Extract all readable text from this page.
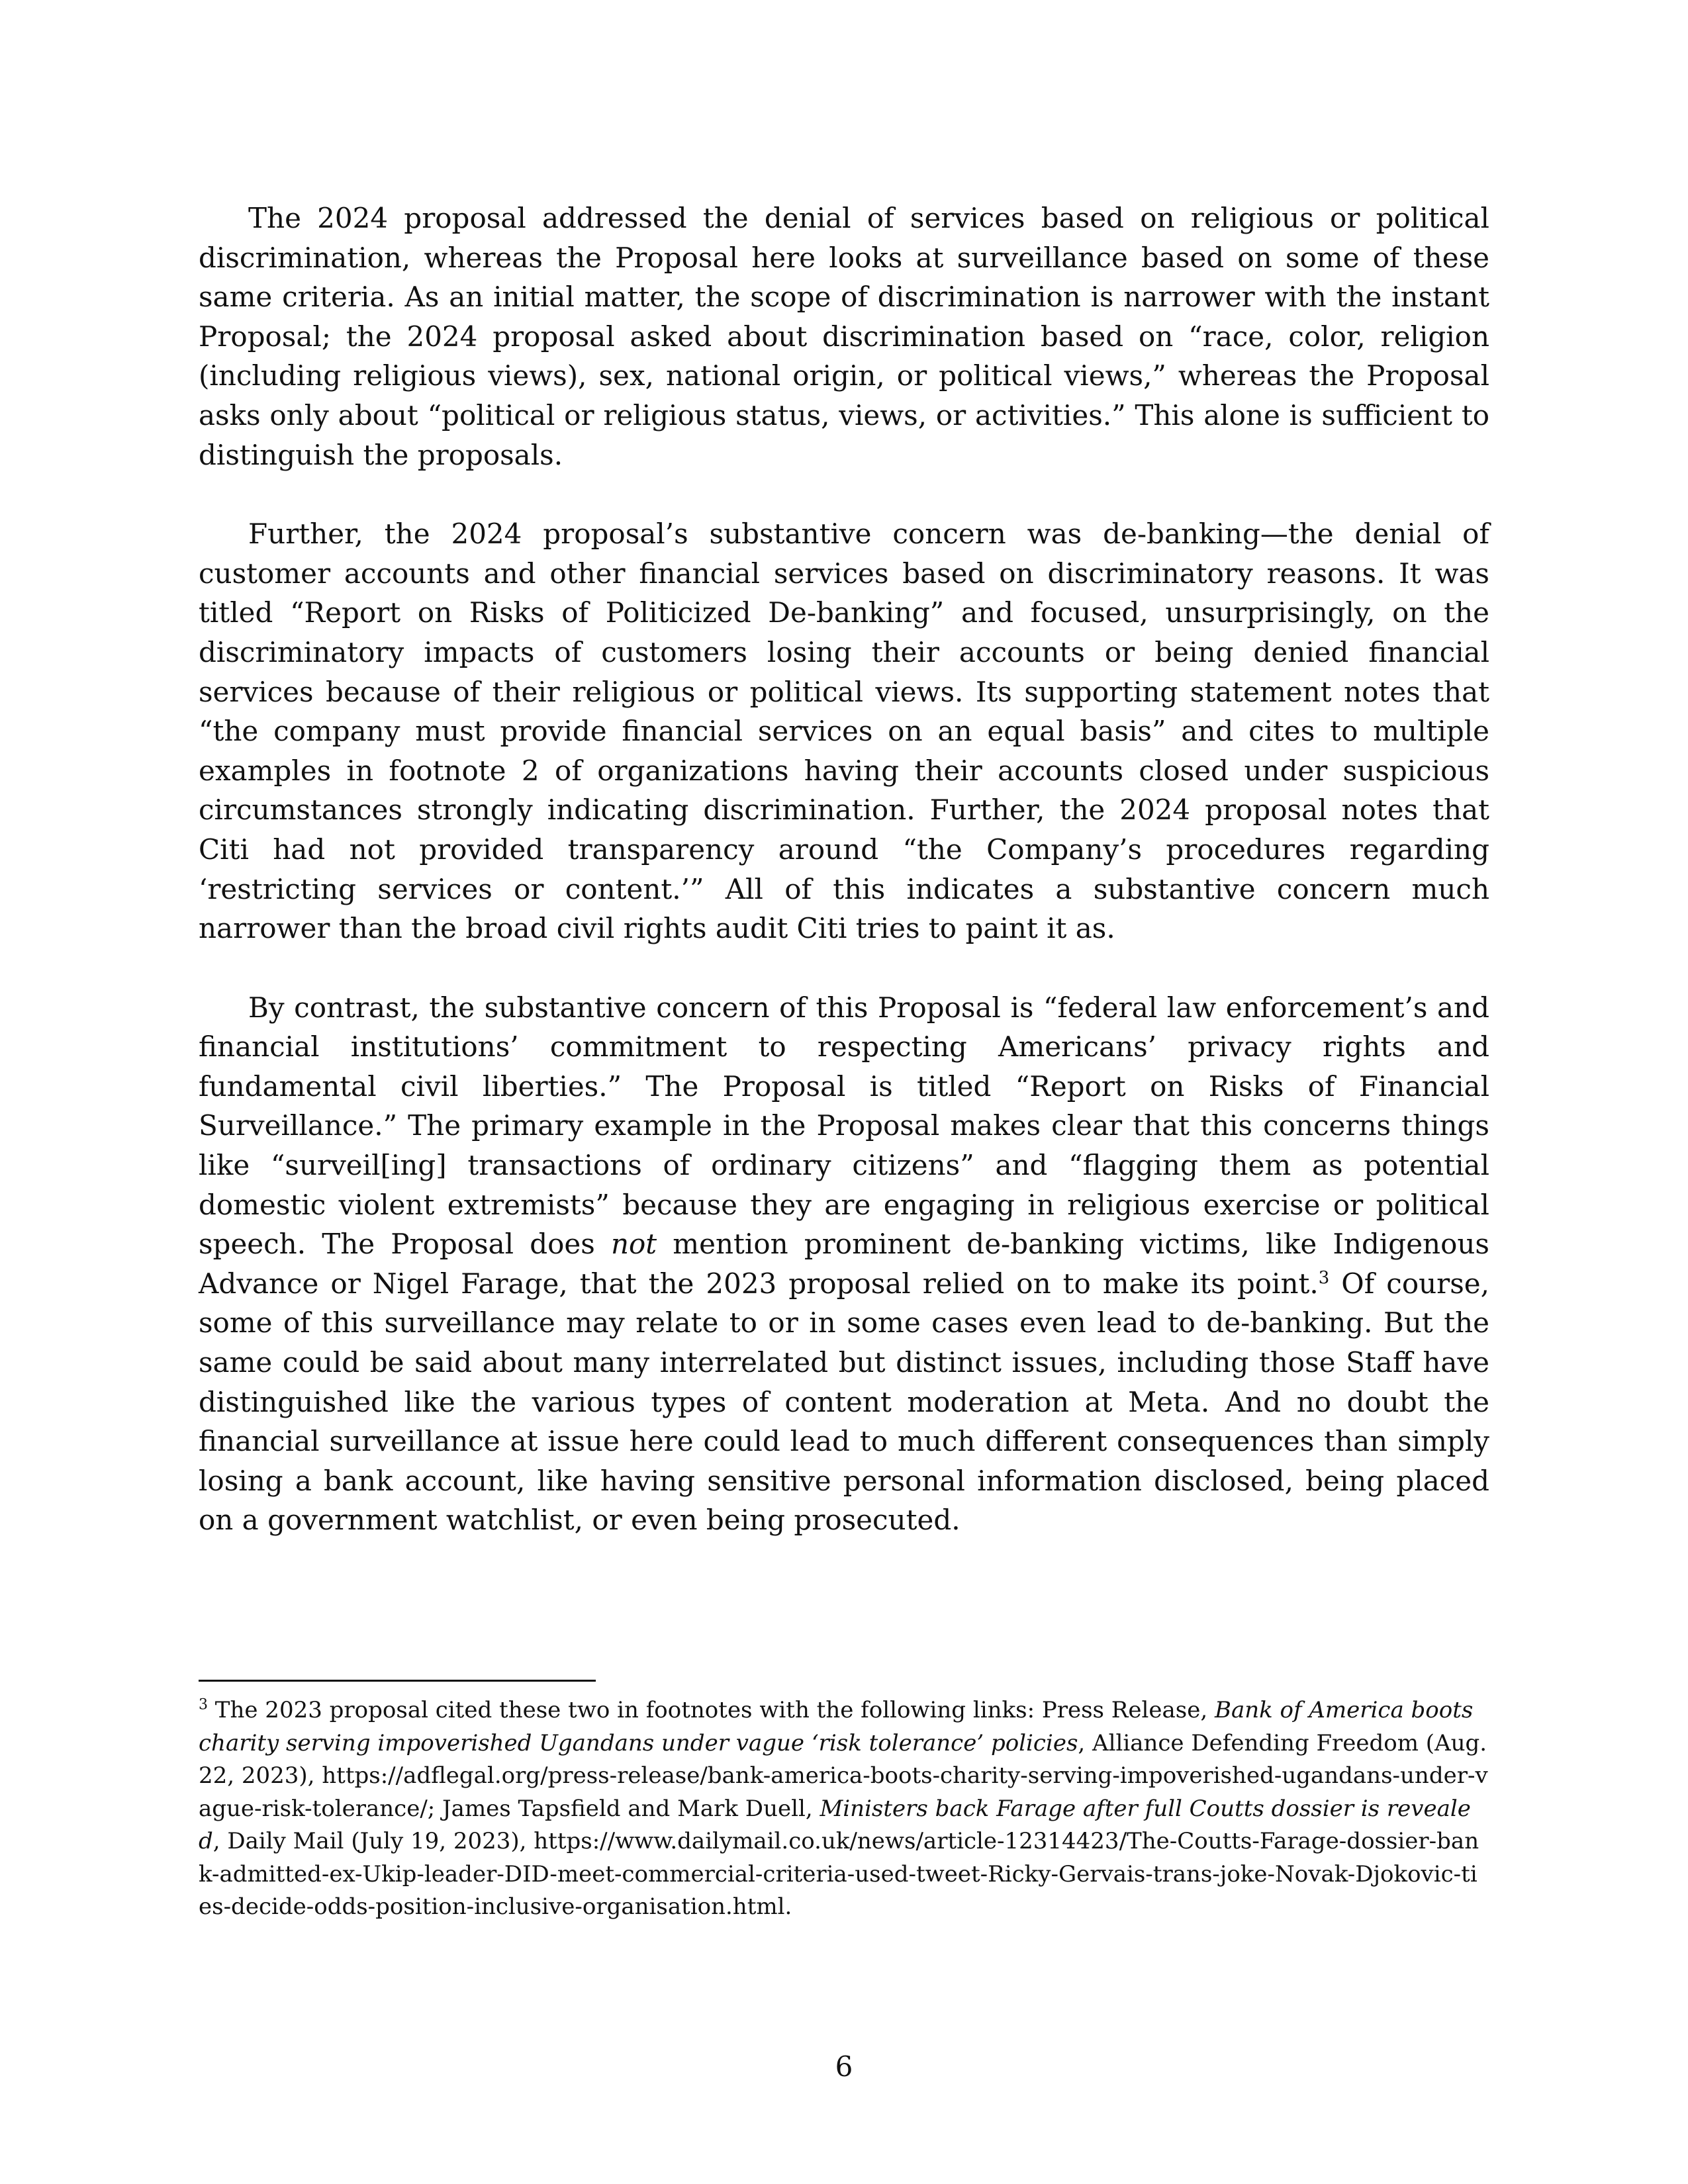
The 2024 proposal addressed the denial of services based on religious or political discrimination, whereas the Proposal here looks at surveillance based on some of these same criteria. As an initial matter, the scope of discrimination is narrower with the instant Proposal; the 2024 proposal asked about discrimination based on “race, color, religion (including religious views), sex, national origin, or political views,” whereas the Proposal asks only about “political or religious status, views, or activities.” This alone is sufficient to distinguish the proposals.

Further, the 2024 proposal’s substantive concern was de-banking—the denial of customer accounts and other financial services based on discriminatory reasons. It was titled “Report on Risks of Politicized De-banking” and focused, unsurprisingly, on the discriminatory impacts of customers losing their accounts or being denied financial services because of their religious or political views. Its supporting statement notes that “the company must provide financial services on an equal basis” and cites to multiple examples in footnote 2 of organizations having their accounts closed under suspicious circumstances strongly indicating discrimination. Further, the 2024 proposal notes that Citi had not provided transparency around “the Company’s procedures regarding ‘restricting services or content.’” All of this indicates a substantive concern much narrower than the broad civil rights audit Citi tries to paint it as.

By contrast, the substantive concern of this Proposal is “federal law enforcement’s and financial institutions’ commitment to respecting Americans’ privacy rights and fundamental civil liberties.” The Proposal is titled “Report on Risks of Financial Surveillance.” The primary example in the Proposal makes clear that this concerns things like “surveil[ing] transactions of ordinary citizens” and “flagging them as potential domestic violent extremists” because they are engaging in religious exercise or political speech. The Proposal does not mention prominent de-banking victims, like Indigenous Advance or Nigel Farage, that the 2023 proposal relied on to make its point.$^3$ Of course, some of this surveillance may relate to or in some cases even lead to de-banking. But the same could be said about many interrelated but distinct issues, including those Staff have distinguished like the various types of content moderation at Meta. And no doubt the financial surveillance at issue here could lead to much different consequences than simply losing a bank account, like having sensitive personal information disclosed, being placed on a government watchlist, or even being prosecuted.

$^3$ The 2023 proposal cited these two in footnotes with the following links: Press Release, Bank of America boots charity serving impoverished Ugandans under vague ‘risk tolerance’ policies, Alliance Defending Freedom (Aug. 22, 2023), https://adflegal.org/press-release/bank-america-boots-charity-serving-impoverished-ugandans-under-vague-risk-tolerance/; James Tapsfield and Mark Duell, Ministers back Farage after full Coutts dossier is revealed, Daily Mail (July 19, 2023), https://www.dailymail.co.uk/news/article-12314423/The-Coutts-Farage-dossier-bank-admitted-ex-Ukip-leader-DID-meet-commercial-criteria-used-tweet-Ricky-Gervais-trans-joke-Novak-Djokovic-ties-decide-odds-position-inclusive-organisation.html.
6
